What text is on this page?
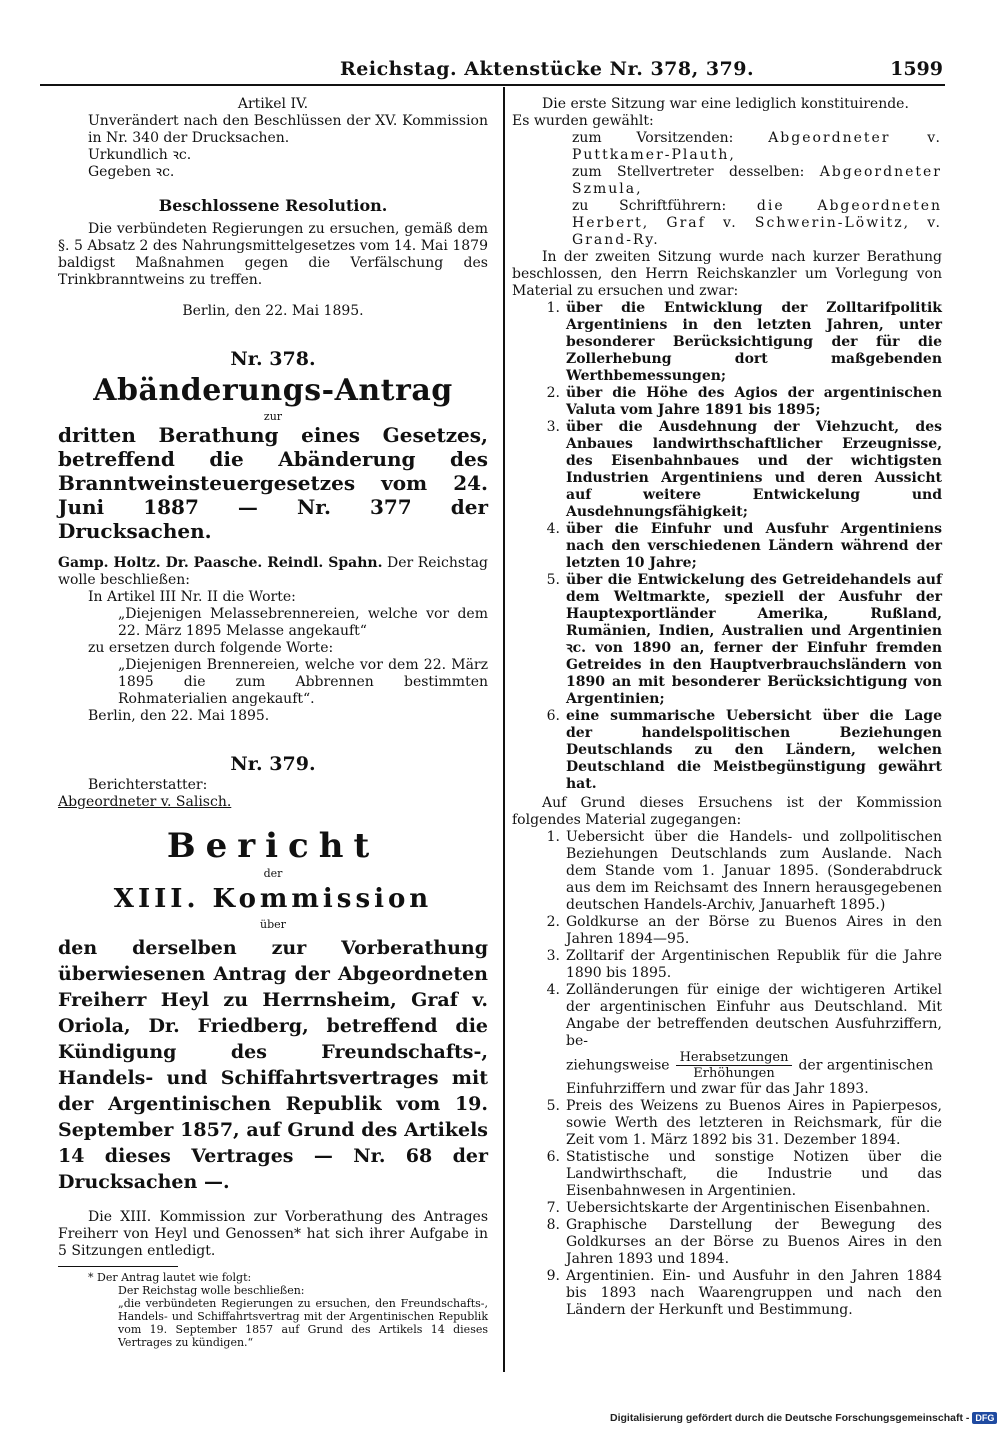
Reichstag. Aktenstücke Nr. 378, 379.	1599

Artikel IV.

Unverändert nach den Beschlüssen der XV. Kommission in Nr. 340 der Drucksachen.

Urkundlich ꝛc.

Gegeben ꝛc.

Beschlossene Resolution.

Die verbündeten Regierungen zu ersuchen, gemäß dem §. 5 Absatz 2 des Nahrungsmittelgesetzes vom 14. Mai 1879 baldigst Maßnahmen gegen die Verfälschung des Trinkbranntweins zu treffen.

Berlin, den 22. Mai 1895.

Nr. 378.

Abänderungs-Antrag

zur

dritten Berathung eines Gesetzes, betreffend die Abänderung des Branntweinsteuergesetzes vom 24. Juni 1887 — Nr. 377 der Drucksachen.

Gamp. Holtz. Dr. Paasche. Reindl. Spahn. Der Reichstag wolle beschließen:

In Artikel III Nr. II die Worte:

„Diejenigen Melassebrennereien, welche vor dem 22. März 1895 Melasse angekauft“

zu ersetzen durch folgende Worte:

„Diejenigen Brennereien, welche vor dem 22. März 1895 die zum Abbrennen bestimmten Rohmaterialien angekauft“.

Berlin, den 22. Mai 1895.

Nr. 379.

Berichterstatter:

Abgeordneter v. Salisch.

Bericht

der

XIII. Kommission

über

den derselben zur Vorberathung überwiesenen Antrag der Abgeordneten Freiherr Heyl zu Herrnsheim, Graf v. Oriola, Dr. Friedberg, betreffend die Kündigung des Freundschafts-, Handels- und Schiffahrtsvertrages mit der Argentinischen Republik vom 19. September 1857, auf Grund des Artikels 14 dieses Vertrages — Nr. 68 der Drucksachen —.

Die XIII. Kommission zur Vorberathung des Antrages Freiherr von Heyl und Genossen* hat sich ihrer Aufgabe in 5 Sitzungen entledigt.

* Der Antrag lautet wie folgt:

Der Reichstag wolle beschließen:

„die verbündeten Regierungen zu ersuchen, den Freundschafts-, Handels- und Schiffahrtsvertrag mit der Argentinischen Republik vom 19. September 1857 auf Grund des Artikels 14 dieses Vertrages zu kündigen.“

Die erste Sitzung war eine lediglich konstituirende.

Es wurden gewählt:

zum Vorsitzenden: Abgeordneter v. Puttkamer-Plauth,

zum Stellvertreter desselben: Abgeordneter Szmula,

zu Schriftführern: die Abgeordneten Herbert, Graf v. Schwerin-Löwitz, v. Grand-Ry.

In der zweiten Sitzung wurde nach kurzer Berathung beschlossen, den Herrn Reichskanzler um Vorlegung von Material zu ersuchen und zwar:

1. über die Entwicklung der Zolltarifpolitik Argentiniens in den letzten Jahren, unter besonderer Berücksichtigung der für die Zollerhebung dort maßgebenden Werthbemessungen;
2. über die Höhe des Agios der argentinischen Valuta vom Jahre 1891 bis 1895;
3. über die Ausdehnung der Viehzucht, des Anbaues landwirthschaftlicher Erzeugnisse, des Eisenbahnbaues und der wichtigsten Industrien Argentiniens und deren Aussicht auf weitere Entwickelung und Ausdehnungsfähigkeit;
4. über die Einfuhr und Ausfuhr Argentiniens nach den verschiedenen Ländern während der letzten 10 Jahre;
5. über die Entwickelung des Getreidehandels auf dem Weltmarkte, speziell der Ausfuhr der Hauptexportländer Amerika, Rußland, Rumänien, Indien, Australien und Argentinien ꝛc. von 1890 an, ferner der Einfuhr fremden Getreides in den Hauptverbrauchsländern von 1890 an mit besonderer Berücksichtigung von Argentinien;
6. eine summarische Uebersicht über die Lage der handelspolitischen Beziehungen Deutschlands zu den Ländern, welchen Deutschland die Meistbegünstigung gewährt hat.

Auf Grund dieses Ersuchens ist der Kommission folgendes Material zugegangen:

1. Uebersicht über die Handels- und zollpolitischen Beziehungen Deutschlands zum Auslande. Nach dem Stande vom 1. Januar 1895. (Sonderabdruck aus dem im Reichsamt des Innern herausgegebenen deutschen Handels-Archiv, Januarheft 1895.)
2. Goldkurse an der Börse zu Buenos Aires in den Jahren 1894—95.
3. Zolltarif der Argentinischen Republik für die Jahre 1890 bis 1895.
4. Zolländerungen für einige der wichtigeren Artikel der argentinischen Einfuhr aus Deutschland. Mit Angabe der betreffenden deutschen Ausfuhrziffern, be-
ziehungsweise $\frac{\text{Herabsetzungen}}{\text{Erhöhungen}}$ der argentinischen
Einfuhrziffern und zwar für das Jahr 1893.
5. Preis des Weizens zu Buenos Aires in Papierpesos, sowie Werth des letzteren in Reichsmark, für die Zeit vom 1. März 1892 bis 31. Dezember 1894.
6. Statistische und sonstige Notizen über die Landwirthschaft, die Industrie und das Eisenbahnwesen in Argentinien.
7. Uebersichtskarte der Argentinischen Eisenbahnen.
8. Graphische Darstellung der Bewegung des Goldkurses an der Börse zu Buenos Aires in den Jahren 1893 und 1894.
9. Argentinien. Ein- und Ausfuhr in den Jahren 1884 bis 1893 nach Waarengruppen und nach den Ländern der Herkunft und Bestimmung.
Digitalisierung gefördert durch die Deutsche Forschungsgemeinschaft - DFG
